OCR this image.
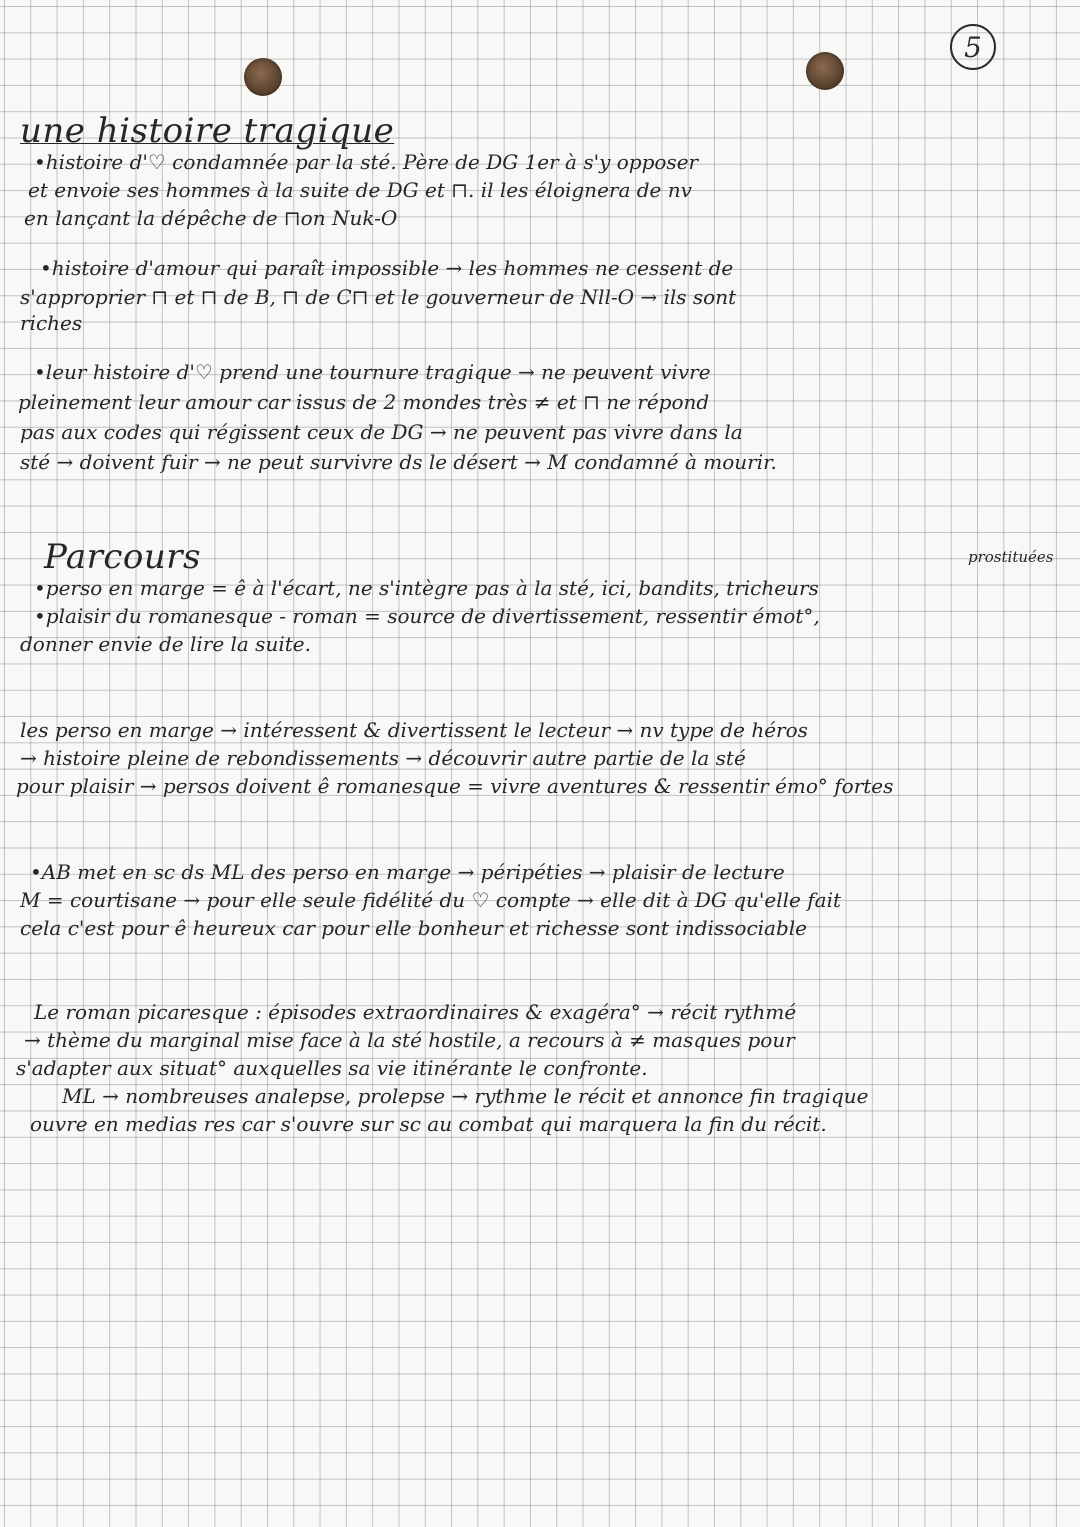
5
une histoire tragique
•histoire d'♡ condamnée par la sté. Père de DG 1er à s'y opposer
et envoie ses hommes à la suite de DG et ⊓. il les éloignera de nv
en lançant la dépêche de ⊓on Nuk-O
•histoire d'amour qui paraît impossible → les hommes ne cessent de
s'approprier ⊓ et ⊓ de B, ⊓ de C⊓ et le gouverneur de Nll-O → ils sont
riches
•leur histoire d'♡ prend une tournure tragique → ne peuvent vivre
pleinement leur amour car issus de 2 mondes très ≠ et ⊓ ne répond
pas aux codes qui régissent ceux de DG → ne peuvent pas vivre dans la
sté → doivent fuir → ne peut survivre ds le désert → M condamné à mourir.
Parcours	prostituées
•perso en marge = ê à l'écart, ne s'intègre pas à la sté, ici, bandits, tricheurs
•plaisir du romanesque - roman = source de divertissement, ressentir émot°,
donner envie de lire la suite.
les perso en marge → intéressent & divertissent le lecteur → nv type de héros
→ histoire pleine de rebondissements → découvrir autre partie de la sté
pour plaisir → persos doivent ê romanesque = vivre aventures & ressentir émo° fortes
•AB met en sc ds ML des perso en marge → péripéties → plaisir de lecture
M = courtisane → pour elle seule fidélité du ♡ compte → elle dit à DG qu'elle fait
cela c'est pour ê heureux car pour elle bonheur et richesse sont indissociable
Le roman picaresque : épisodes extraordinaires & exagéra° → récit rythmé
→ thème du marginal mise face à la sté hostile, a recours à ≠ masques pour
s'adapter aux situat° auxquelles sa vie itinérante le confronte.
ML → nombreuses analepse, prolepse → rythme le récit et annonce fin tragique
ouvre en medias res car s'ouvre sur sc au combat qui marquera la fin du récit.
